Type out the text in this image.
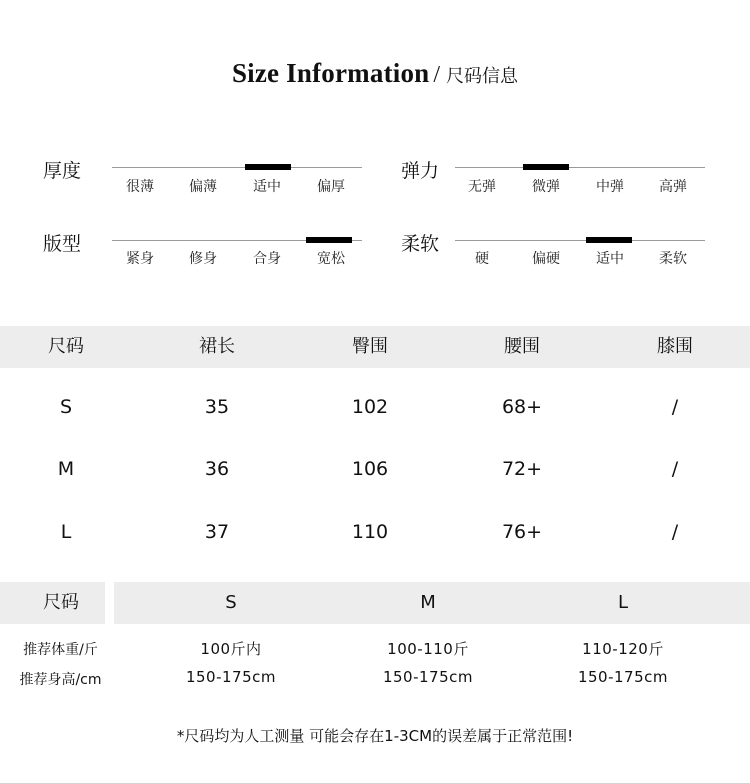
Size Information / 尺码信息
厚度
很薄	偏薄	适中	偏厚
弹力
无弹	微弹	中弹	高弹
版型
紧身	修身	合身	宽松
柔软
硬	偏硬	适中	柔软
尺码	裙长	臀围	腰围	膝围
S	35	102	68+	/
M	36	106	72+	/
L	37	110	76+	/
尺码	S	M	L
推荐体重/斤	100斤内	100-110斤	110-120斤
推荐身高/cm	150-175cm	150-175cm	150-175cm
*尺码均为人工测量 可能会存在1-3CM的误差属于正常范围!
